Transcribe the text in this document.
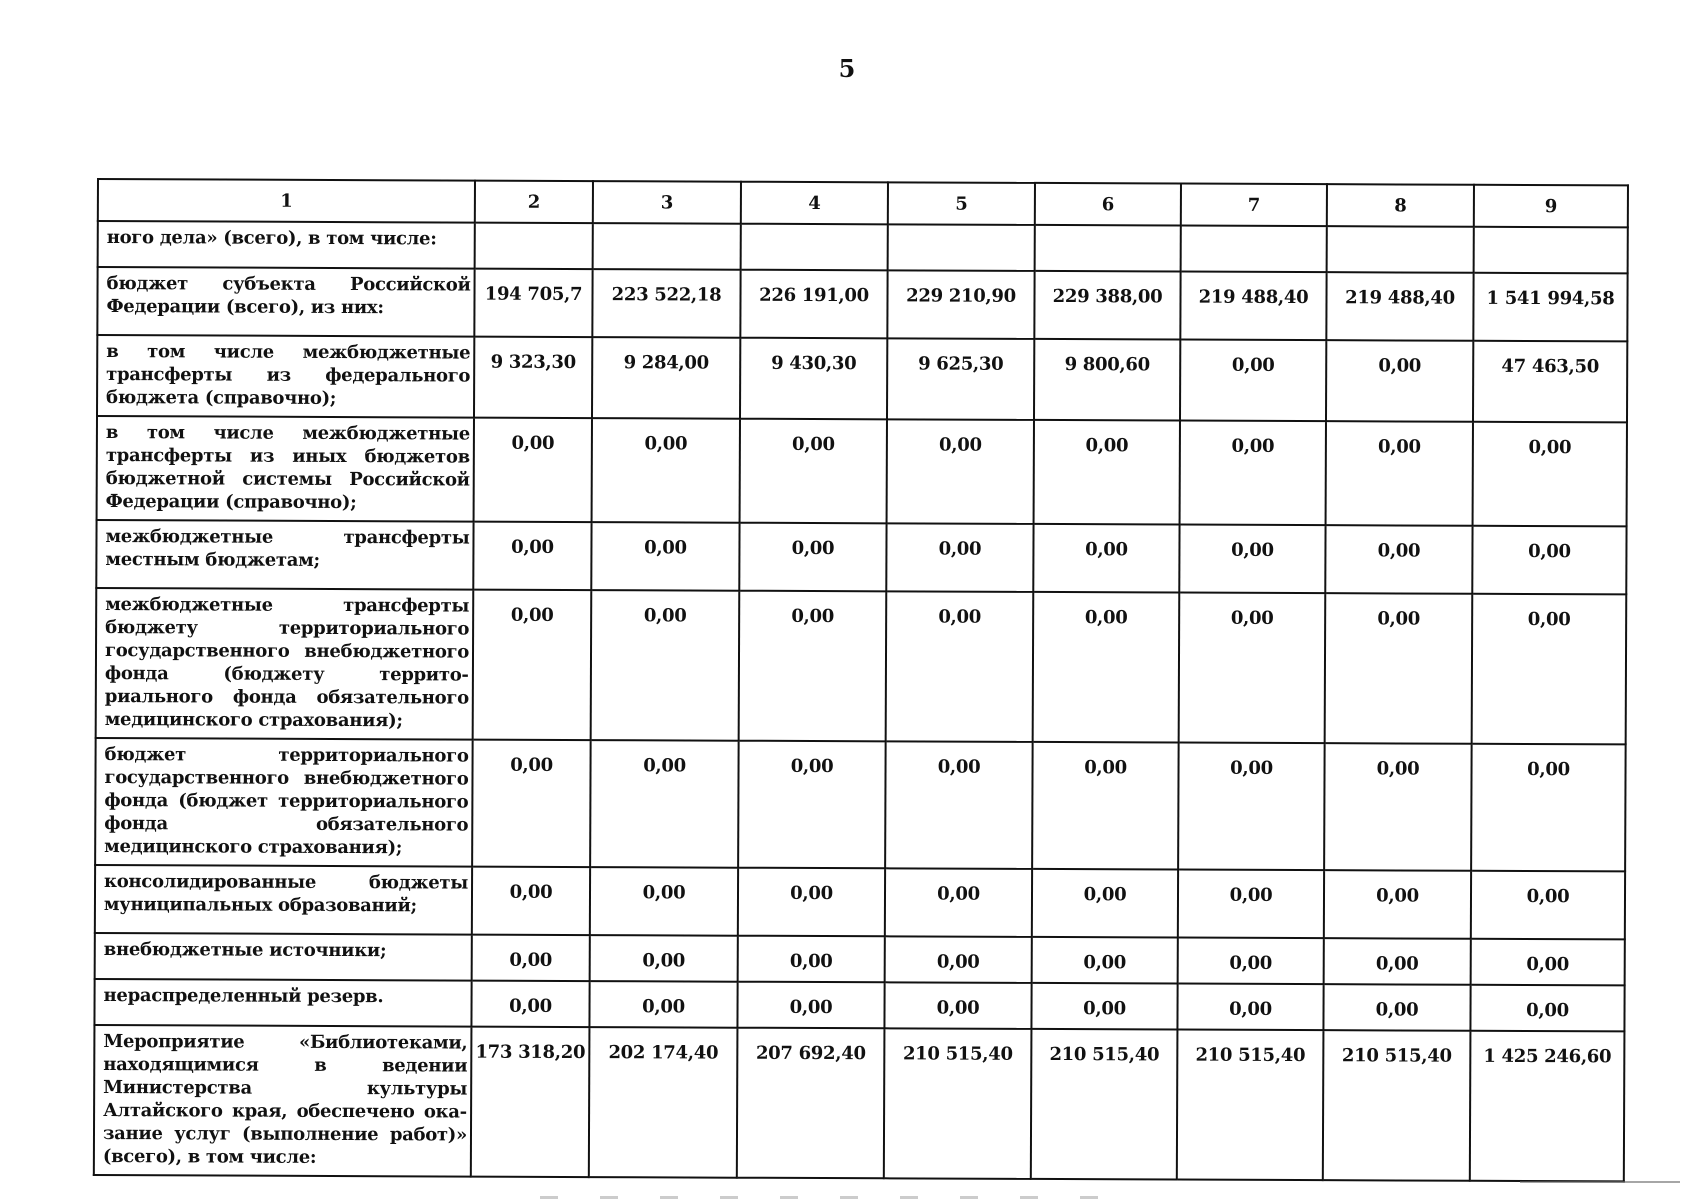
5
1	2	3	4	5	6	7	8	9
ного дела» (всего), в том числе:								
бюджет субъекта Российской Федерации (всего), из них:	194 705,7	223 522,18	226 191,00	229 210,90	229 388,00	219 488,40	219 488,40	1 541 994,58
в том числе межбюджетные трансферты из федерального бюджета (справочно);	9 323,30	9 284,00	9 430,30	9 625,30	9 800,60	0,00	0,00	47 463,50
в том числе межбюджетные трансферты из иных бюджетов бюджетной системы Российской Федерации (справочно);	0,00	0,00	0,00	0,00	0,00	0,00	0,00	0,00
межбюджетные трансферты местным бюджетам;	0,00	0,00	0,00	0,00	0,00	0,00	0,00	0,00
межбюджетные трансферты бюджету территориального государственного внебюджетного фонда (бюджету территориального фонда обязательного медицинского страхования);	0,00	0,00	0,00	0,00	0,00	0,00	0,00	0,00
бюджет территориального государственного внебюджетного фонда (бюджет территориального фонда обязательного медицинского страхования);	0,00	0,00	0,00	0,00	0,00	0,00	0,00	0,00
консолидированные бюджеты муниципальных образований;	0,00	0,00	0,00	0,00	0,00	0,00	0,00	0,00
внебюджетные источники;	0,00	0,00	0,00	0,00	0,00	0,00	0,00	0,00
нераспределенный резерв.	0,00	0,00	0,00	0,00	0,00	0,00	0,00	0,00
Мероприятие «Библиотеками, находящимися в ведении Министерства культуры Алтайского края, обеспечено оказание услуг (выполнение работ)» (всего), в том числе:	173 318,20	202 174,40	207 692,40	210 515,40	210 515,40	210 515,40	210 515,40	1 425 246,60
